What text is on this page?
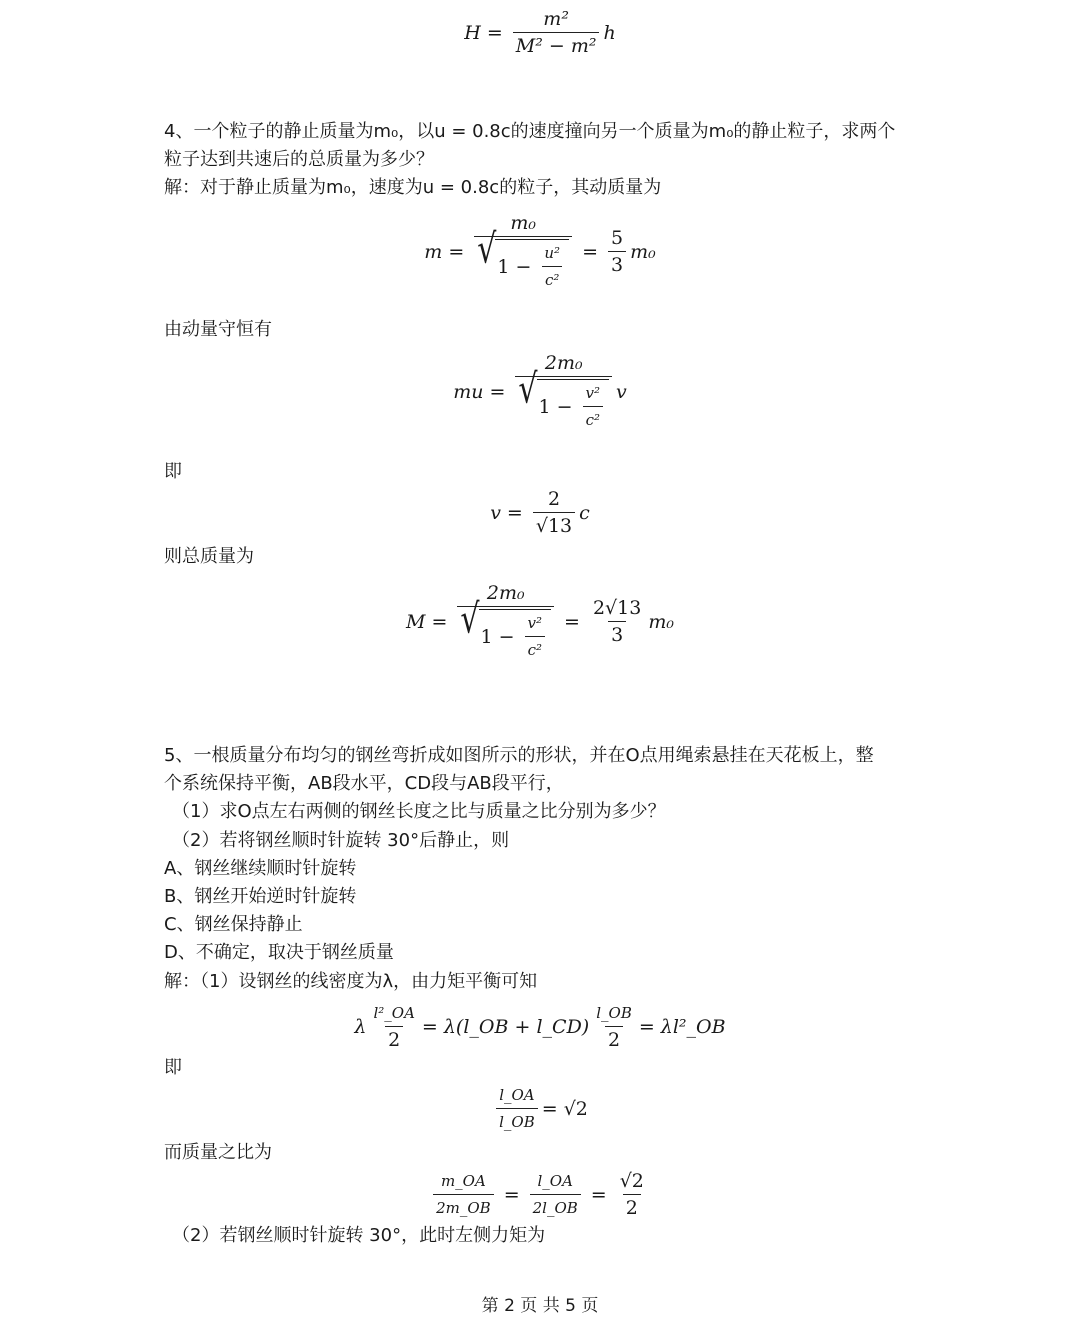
$H = \frac{\text{m²}}{\text{M² − m²}}$ h
4、一个粒子的静止质量为m₀，以u = 0.8c的速度撞向另一个质量为m₀的静止粒子，求两个
粒子达到共速后的总质量为多少？
解：对于静止质量为m₀，速度为u = 0.8c的粒子，其动质量为
$m = \frac{\text{m₀}}{√ 1 - \frac{\text{u²}}{\text{c²}}} = \frac{5}{3} m_0$
由动量守恒有
mu = $\frac{\text{2m₀}}{√ 1 - \frac{\text{v²}}{\text{c²}}}$ v
即
$v = \frac{2}{√13}$ c
则总质量为
$M = \frac{\text{2m₀}}{√ 1 - \frac{\text{v²}}{\text{c²}}} = \frac{2√13}{3} m_0$
5、一根质量分布均匀的钢丝弯折成如图所示的形状，并在O点用绳索悬挂在天花板上，整
个系统保持平衡，AB段水平，CD段与AB段平行，
（1）求O点左右两侧的钢丝长度之比与质量之比分别为多少？
（2）若将钢丝顺时针旋转 30°后静止，则
A、钢丝继续顺时针旋转
B、钢丝开始逆时针旋转
C、钢丝保持静止
D、不确定，取决于钢丝质量
解：（1）设钢丝的线密度为λ，由力矩平衡可知
λ $\frac{\text{l²\_OA}}{2}$ = λ(l_OB + l_CD) $\frac{l\_OB}{2}$ = λl²_OB
即
$\frac{l\_OA}{l\_OB} = √2$
而质量之比为
$\frac{m\_OA}{2m\_OB} = \frac{l\_OA}{2l\_OB} = \frac{√2}{2}$
（2）若钢丝顺时针旋转 30°，此时左侧力矩为
第 2 页 共 5 页
